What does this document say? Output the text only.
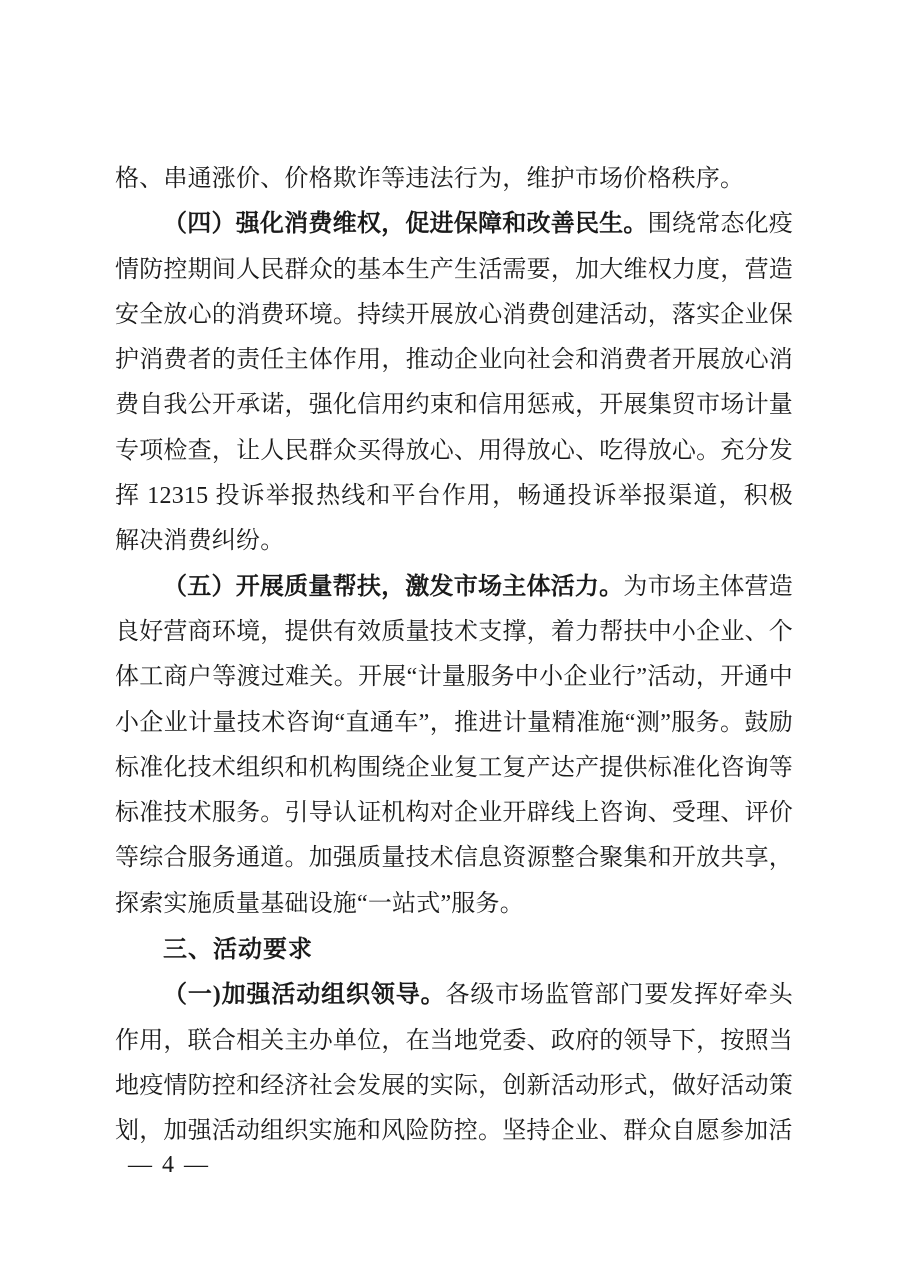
格、串通涨价、价格欺诈等违法行为，维护市场价格秩序。

（四）强化消费维权，促进保障和改善民生。围绕常态化疫情防控期间人民群众的基本生产生活需要，加大维权力度，营造安全放心的消费环境。持续开展放心消费创建活动，落实企业保护消费者的责任主体作用，推动企业向社会和消费者开展放心消费自我公开承诺，强化信用约束和信用惩戒，开展集贸市场计量专项检查，让人民群众买得放心、用得放心、吃得放心。充分发挥 12315 投诉举报热线和平台作用，畅通投诉举报渠道，积极解决消费纠纷。

（五）开展质量帮扶，激发市场主体活力。为市场主体营造良好营商环境，提供有效质量技术支撑，着力帮扶中小企业、个体工商户等渡过难关。开展“计量服务中小企业行”活动，开通中小企业计量技术咨询“直通车”，推进计量精准施“测”服务。鼓励标准化技术组织和机构围绕企业复工复产达产提供标准化咨询等标准技术服务。引导认证机构对企业开辟线上咨询、受理、评价等综合服务通道。加强质量技术信息资源整合聚集和开放共享，探索实施质量基础设施“一站式”服务。

三、活动要求

（一)加强活动组织领导。各级市场监管部门要发挥好牵头作用，联合相关主办单位，在当地党委、政府的领导下，按照当地疫情防控和经济社会发展的实际，创新活动形式，做好活动策划，加强活动组织实施和风险防控。坚持企业、群众自愿参加活

— 4 —
